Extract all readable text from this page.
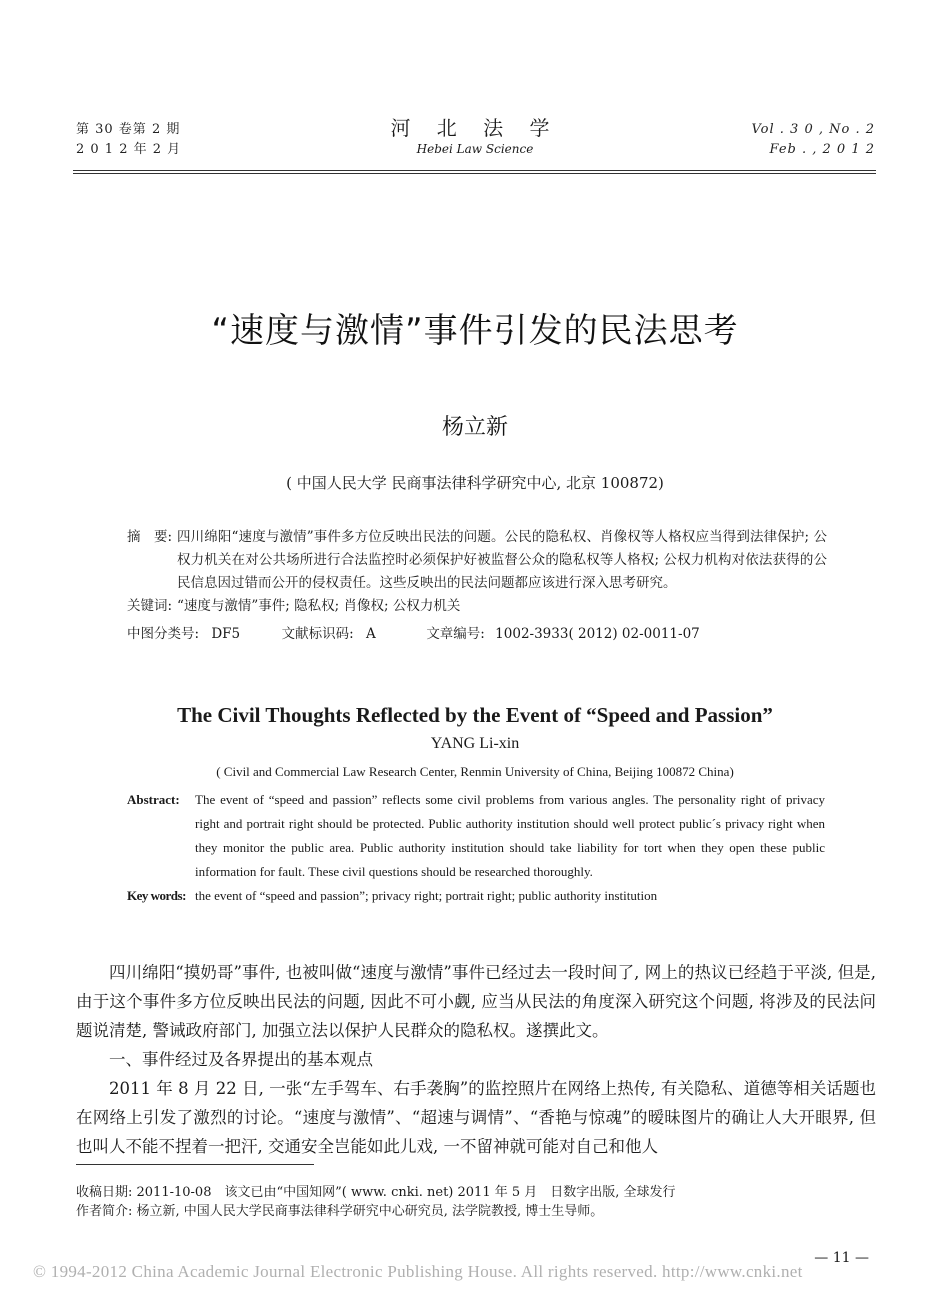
第 30 卷第 2 期
2 0 1 2 年 2 月
河 北 法 学
Hebei Law Science
Vol . 3 0 , No . 2
Feb . , 2 0 1 2
“速度与激情”事件引发的民法思考
杨立新
( 中国人民大学 民商事法律科学研究中心, 北京 100872)
摘　要: 四川绵阳“速度与激情”事件多方位反映出民法的问题。公民的隐私权、肖像权等人格权应当得到法律保护; 公权力机关在对公共场所进行合法监控时必须保护好被监督公众的隐私权等人格权; 公权力机构对依法获得的公民信息因过错而公开的侵权责任。这些反映出的民法问题都应该进行深入思考研究。
关键词: “速度与激情”事件; 隐私权; 肖像权; 公权力机关
中图分类号: DF5	文献标识码: A	文章编号: 1002-3933( 2012) 02-0011-07
The Civil Thoughts Reflected by the Event of “Speed and Passion”
YANG Li-xin
( Civil and Commercial Law Research Center, Renmin University of China, Beijing 100872 China)
Abstract:	The event of “speed and passion” reflects some civil problems from various angles. The personality right of privacy right and portrait right should be protected. Public authority institution should well protect public´s privacy right when they monitor the public area. Public authority institution should take liability for tort when they open these public information for fault. These civil questions should be researched thoroughly.
Key words: the event of “speed and passion”; privacy right; portrait right; public authority institution

四川绵阳“摸奶哥”事件, 也被叫做“速度与激情”事件已经过去一段时间了, 网上的热议已经趋于平淡, 但是, 由于这个事件多方位反映出民法的问题, 因此不可小觑, 应当从民法的角度深入研究这个问题, 将涉及的民法问题说清楚, 警诫政府部门, 加强立法以保护人民群众的隐私权。遂撰此文。

一、事件经过及各界提出的基本观点

2011 年 8 月 22 日, 一张“左手驾车、右手袭胸”的监控照片在网络上热传, 有关隐私、道德等相关话题也在网络上引发了激烈的讨论。“速度与激情”、“超速与调情”、“香艳与惊魂”的暧昧图片的确让人大开眼界, 但也叫人不能不捏着一把汗, 交通安全岂能如此儿戏, 一不留神就可能对自己和他人

收稿日期: 2011-10-08　该文已由“中国知网”( www. cnki. net) 2011 年 5 月　日数字出版, 全球发行
作者简介: 杨立新, 中国人民大学民商事法律科学研究中心研究员, 法学院教授, 博士生导师。
— 11 —
© 1994-2012 China Academic Journal Electronic Publishing House. All rights reserved. http://www.cnki.net
